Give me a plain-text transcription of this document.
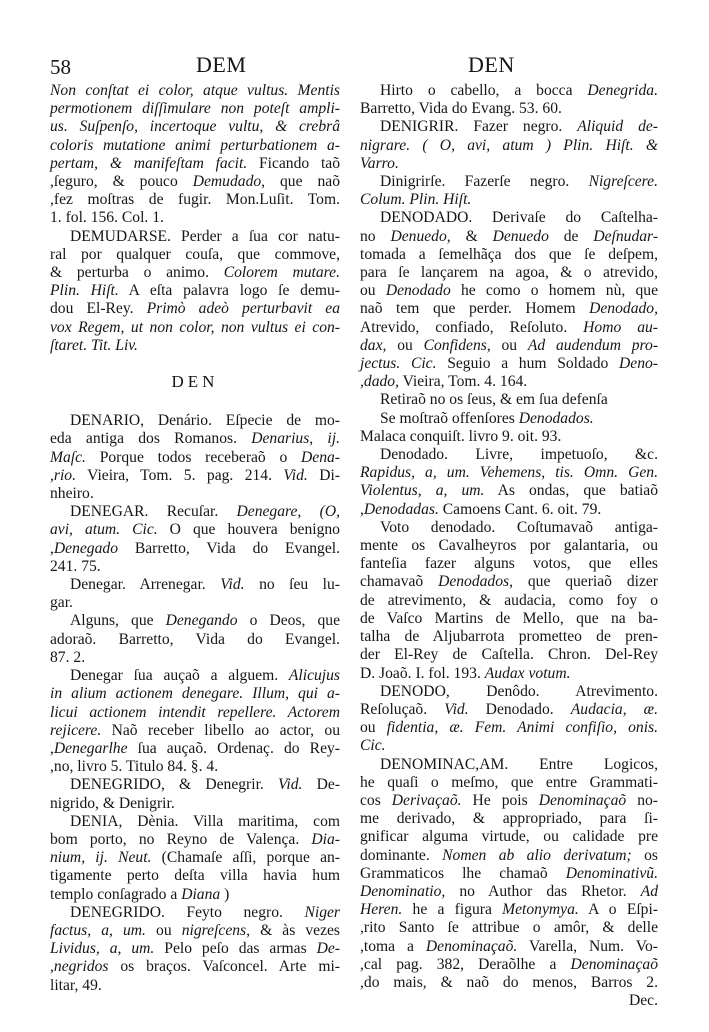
58	DEM	DEN
Non conſtat ei color, atque vultus. Mentis
permotionem diſſimulare non poteſt ampli-
us. Suſpenſo, incertoque vultu, & crebrâ
coloris mutatione animi perturbationem a-
pertam, & manifeſtam facit. Ficando taõ
,ſeguro, & pouco Demudado, que naõ
,fez moſtras de fugir. Mon.Luſit. Tom.
1. fol. 156. Col. 1.
DEMUDARSE. Perder a ſua cor natu-
ral por qualquer couſa, que commove,
& perturba o animo. Colorem mutare.
Plin. Hiſt. A eſta palavra logo ſe demu-
dou El-Rey. Primò adeò perturbavit ea
vox Regem, ut non color, non vultus ei con-
ſtaret. Tit. Liv.
DEN
DENARIO, Denário. Eſpecie de mo-
eda antiga dos Romanos. Denarius, ij.
Maſc. Porque todos receberaõ o Dena-
,rio. Vieira, Tom. 5. pag. 214. Vid. Di-
nheiro.
DENEGAR. Recuſar. Denegare, (O,
avi, atum. Cic. O que houvera benigno
,Denegado Barretto, Vida do Evangel.
241. 75.
Denegar. Arrenegar. Vid. no ſeu lu-
gar.
Alguns, que Denegando o Deos, que
adoraõ. Barretto, Vida do Evangel.
87. 2.
Denegar ſua auçaõ a alguem. Alicujus
in alium actionem denegare. Illum, qui a-
licui actionem intendit repellere. Actorem
rejicere. Naõ receber libello ao actor, ou
,Denegarlhe ſua auçaõ. Ordenaç. do Rey-
,no, livro 5. Titulo 84. §. 4.
DENEGRIDO, & Denegrir. Vid. De-
nigrido, & Denigrir.
DENIA, Dènia. Villa maritima, com
bom porto, no Reyno de Valença. Dia-
nium, ij. Neut. (Chamaſe aſſi, porque an-
tigamente perto deſta villa havia hum
templo conſagrado a Diana )
DENEGRIDO. Feyto negro. Niger
factus, a, um. ou nigreſcens, & às vezes
Lividus, a, um. Pelo peſo das armas De-
,negridos os braços. Vaſconcel. Arte mi-
litar, 49.
Hirto o cabello, a bocca Denegrida.
Barretto, Vida do Evang. 53. 60.
DENIGRIR. Fazer negro. Aliquid de-
nigrare. ( O, avi, atum ) Plin. Hiſt. &
Varro.
Dinigrirſe. Fazerſe negro. Nigreſcere.
Colum. Plin. Hiſt.
DENODADO. Derivaſe do Caſtelha-
no Denuedo, & Denuedo de Deſnudar-
tomada a ſemelhãça dos que ſe deſpem,
para ſe lançarem na agoa, & o atrevido,
ou Denodado he como o homem nù, que
naõ tem que perder. Homem Denodado,
Atrevido, confiado, Reſoluto. Homo au-
dax, ou Confidens, ou Ad audendum pro-
jectus. Cic. Seguio a hum Soldado Deno-
,dado, Vieira, Tom. 4. 164.
Retiraõ no os ſeus, & em ſua defenſa
Se moſtraõ offenſores Denodados.
Malaca conquiſt. livro 9. oit. 93.
Denodado. Livre, impetuoſo, &c.
Rapidus, a, um. Vehemens, tis. Omn. Gen.
Violentus, a, um. As ondas, que batiaõ
,Denodadas. Camoens Cant. 6. oit. 79.
Voto denodado. Coſtumavaõ antiga-
mente os Cavalheyros por galantaria, ou
fanteſia fazer alguns votos, que elles
chamavaõ Denodados, que queriaõ dizer
de atrevimento, & audacia, como foy o
de Vaſco Martins de Mello, que na ba-
talha de Aljubarrota prometteo de pren-
der El-Rey de Caſtella. Chron. Del-Rey
D. Joaõ. I. fol. 193. Audax votum.
DENODO, Denôdo. Atrevimento.
Reſoluçaõ. Vid. Denodado. Audacia, æ.
ou fidentia, æ. Fem. Animi confiſio, onis.
Cic.
DENOMINAC,AM. Entre Logicos,
he quaſi o meſmo, que entre Grammati-
cos Derivaçaõ. He pois Denominaçaõ no-
me derivado, & appropriado, para ſi-
gnificar alguma virtude, ou calidade pre
dominante. Nomen ab alio derivatum; os
Grammaticos lhe chamaõ Denominativũ.
Denominatio, no Author das Rhetor. Ad
Heren. he a figura Metonymya. A o Eſpi-
,rito Santo ſe attribue o amôr, & delle
,toma a Denominaçaõ. Varella, Num. Vo-
,cal pag. 382, Deraõlhe a Denominaçaõ
,do mais, & naõ do menos, Barros 2.
Dec.
